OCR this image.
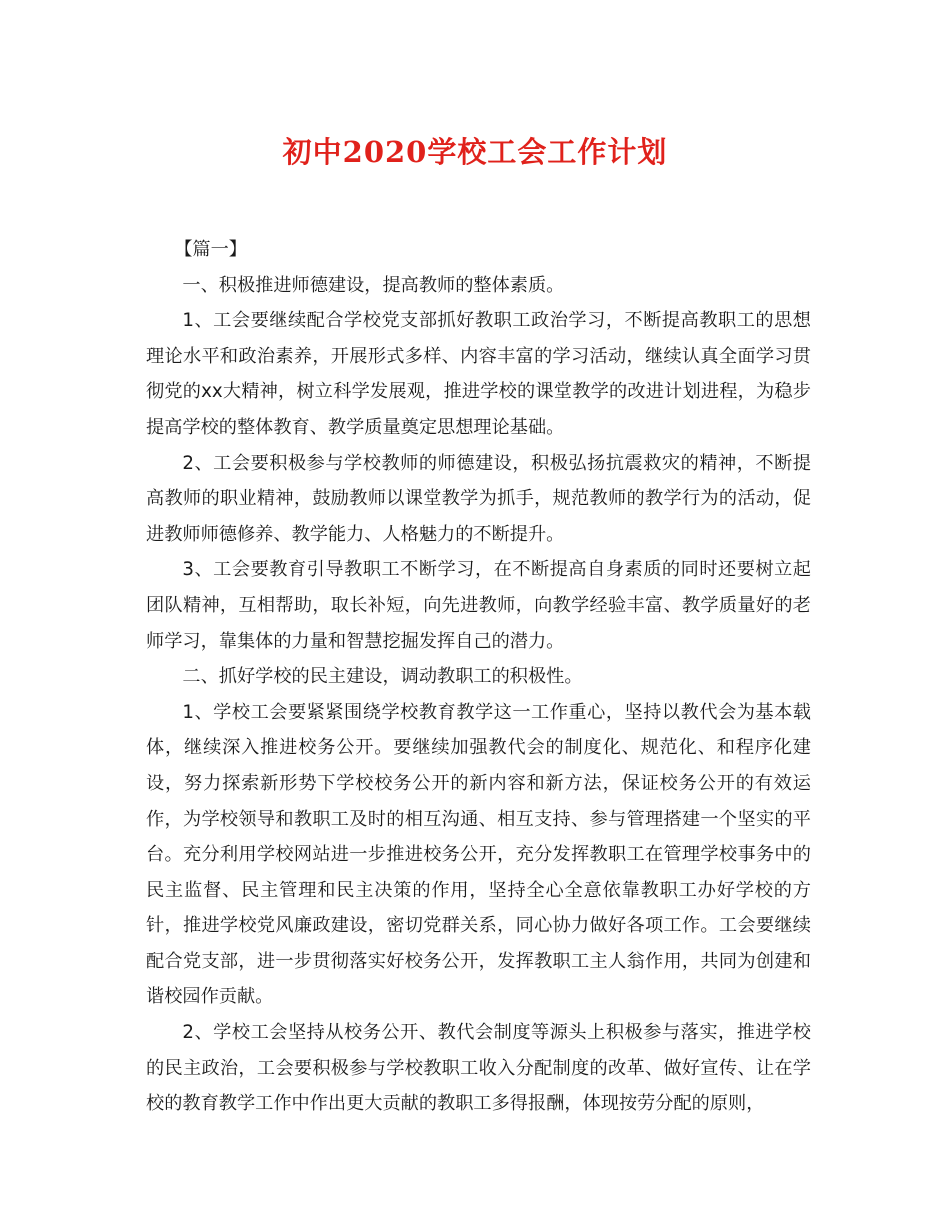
初中2020学校工会工作计划

【篇一】

一、积极推进师德建设，提高教师的整体素质。

1、工会要继续配合学校党支部抓好教职工政治学习，不断提高教职工的思想理论水平和政治素养，开展形式多样、内容丰富的学习活动，继续认真全面学习贯彻党的xx大精神，树立科学发展观，推进学校的课堂教学的改进计划进程，为稳步提高学校的整体教育、教学质量奠定思想理论基础。

2、工会要积极参与学校教师的师德建设，积极弘扬抗震救灾的精神，不断提高教师的职业精神，鼓励教师以课堂教学为抓手，规范教师的教学行为的活动，促进教师师德修养、教学能力、人格魅力的不断提升。

3、工会要教育引导教职工不断学习，在不断提高自身素质的同时还要树立起团队精神，互相帮助，取长补短，向先进教师，向教学经验丰富、教学质量好的老师学习，靠集体的力量和智慧挖掘发挥自己的潜力。

二、抓好学校的民主建设，调动教职工的积极性。

1、学校工会要紧紧围绕学校教育教学这一工作重心，坚持以教代会为基本载体，继续深入推进校务公开。要继续加强教代会的制度化、规范化、和程序化建设，努力探索新形势下学校校务公开的新内容和新方法，保证校务公开的有效运作，为学校领导和教职工及时的相互沟通、相互支持、参与管理搭建一个坚实的平台。充分利用学校网站进一步推进校务公开，充分发挥教职工在管理学校事务中的民主监督、民主管理和民主决策的作用，坚持全心全意依靠教职工办好学校的方针，推进学校党风廉政建设，密切党群关系，同心协力做好各项工作。工会要继续配合党支部，进一步贯彻落实好校务公开，发挥教职工主人翁作用，共同为创建和谐校园作贡献。

2、学校工会坚持从校务公开、教代会制度等源头上积极参与落实，推进学校的民主政治，工会要积极参与学校教职工收入分配制度的改革、做好宣传、让在学校的教育教学工作中作出更大贡献的教职工多得报酬，体现按劳分配的原则，
